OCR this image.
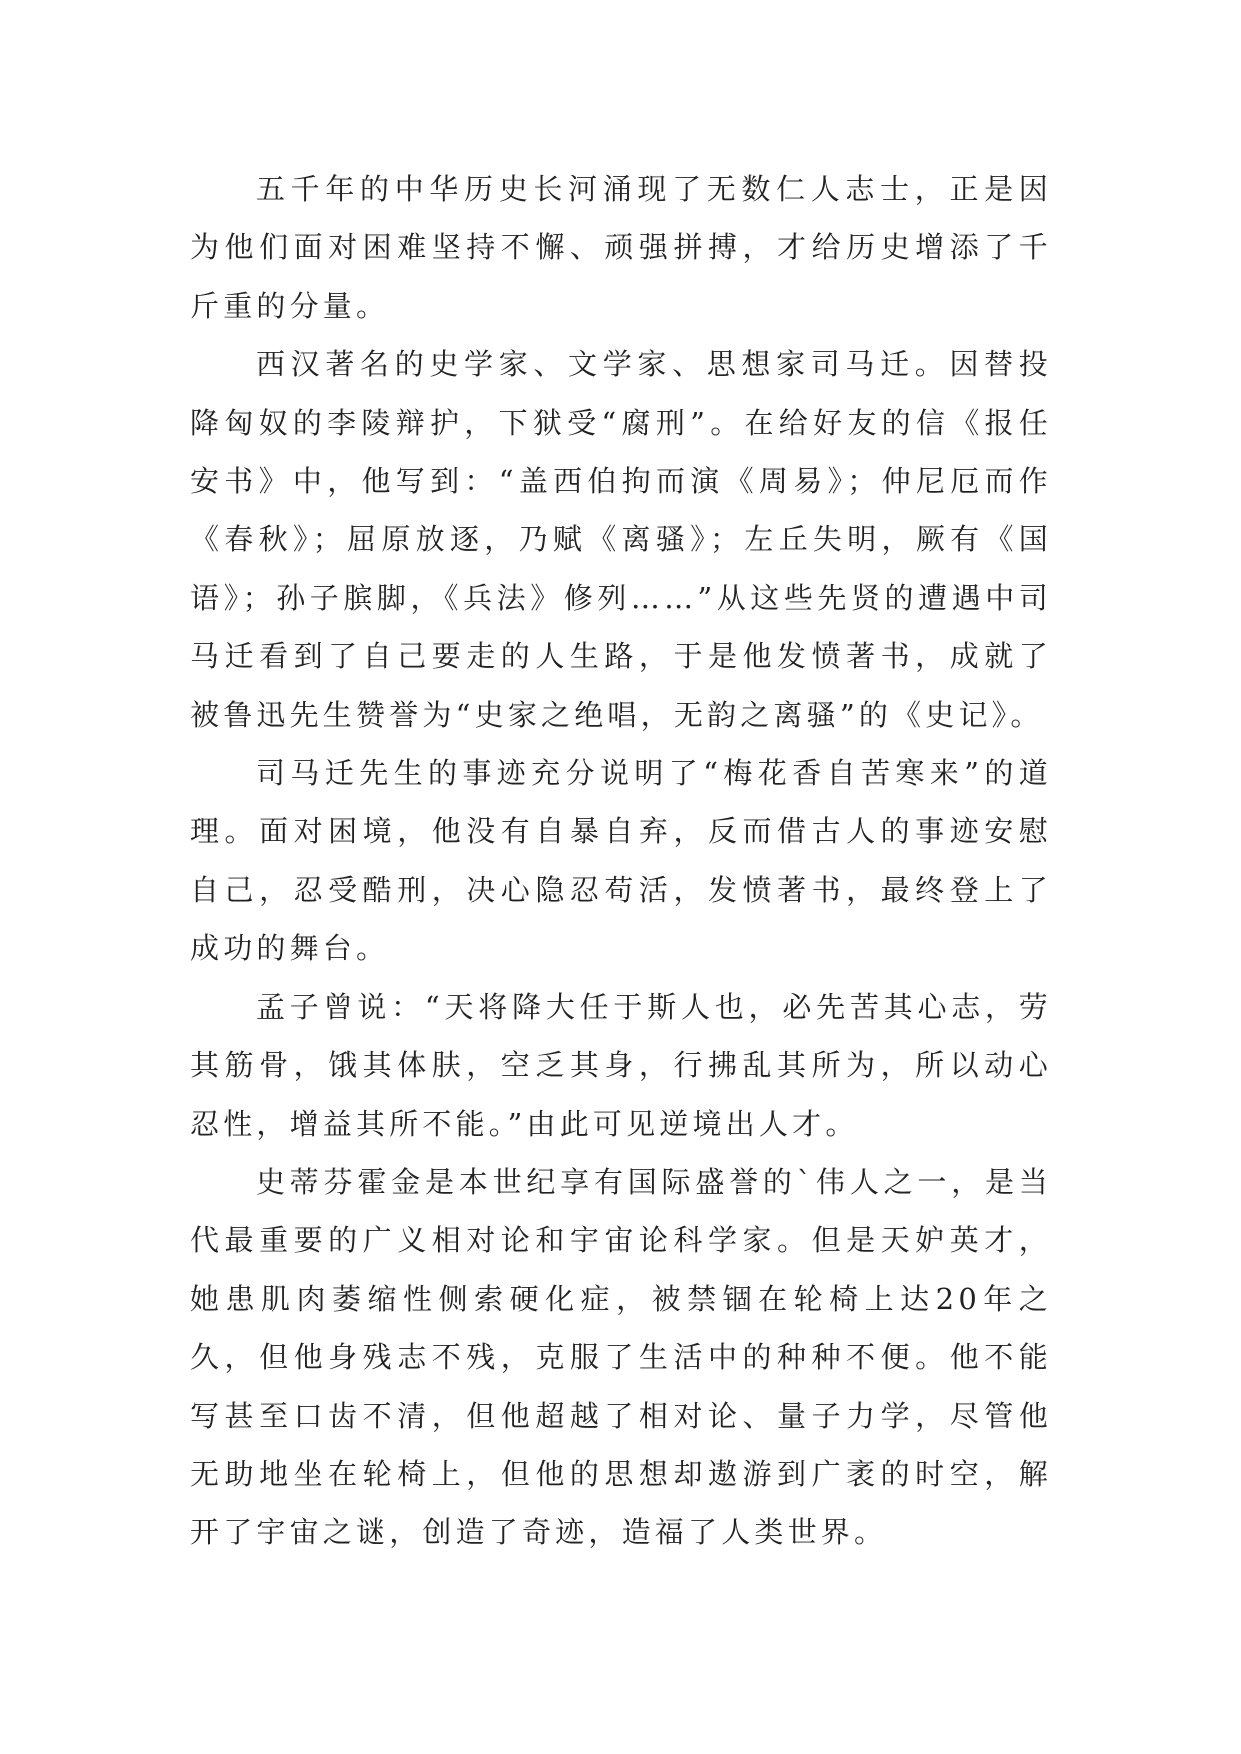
五千年的中华历史长河涌现了无数仁人志士，正是因为他们面对困难坚持不懈、顽强拼搏，才给历史增添了千斤重的分量。

西汉著名的史学家、文学家、思想家司马迁。因替投降匈奴的李陵辩护，下狱受“腐刑”。在给好友的信《报任安书》中，他写到：“盖西伯拘而演《周易》；仲尼厄而作《春秋》；屈原放逐，乃赋《离骚》；左丘失明，厥有《国语》；孙子膑脚，《兵法》修列……”从这些先贤的遭遇中司马迁看到了自己要走的人生路，于是他发愤著书，成就了被鲁迅先生赞誉为“史家之绝唱，无韵之离骚”的《史记》。

司马迁先生的事迹充分说明了“梅花香自苦寒来”的道理。面对困境，他没有自暴自弃，反而借古人的事迹安慰自己，忍受酷刑，决心隐忍苟活，发愤著书，最终登上了成功的舞台。

孟子曾说：“天将降大任于斯人也，必先苦其心志，劳其筋骨，饿其体肤，空乏其身，行拂乱其所为，所以动心忍性，增益其所不能。”由此可见逆境出人才。

史蒂芬霍金是本世纪享有国际盛誉的`伟人之一，是当代最重要的广义相对论和宇宙论科学家。但是天妒英才，她患肌肉萎缩性侧索硬化症，被禁锢在轮椅上达20年之久，但他身残志不残，克服了生活中的种种不便。他不能写甚至口齿不清，但他超越了相对论、量子力学，尽管他无助地坐在轮椅上，但他的思想却遨游到广袤的时空，解开了宇宙之谜，创造了奇迹，造福了人类世界。
